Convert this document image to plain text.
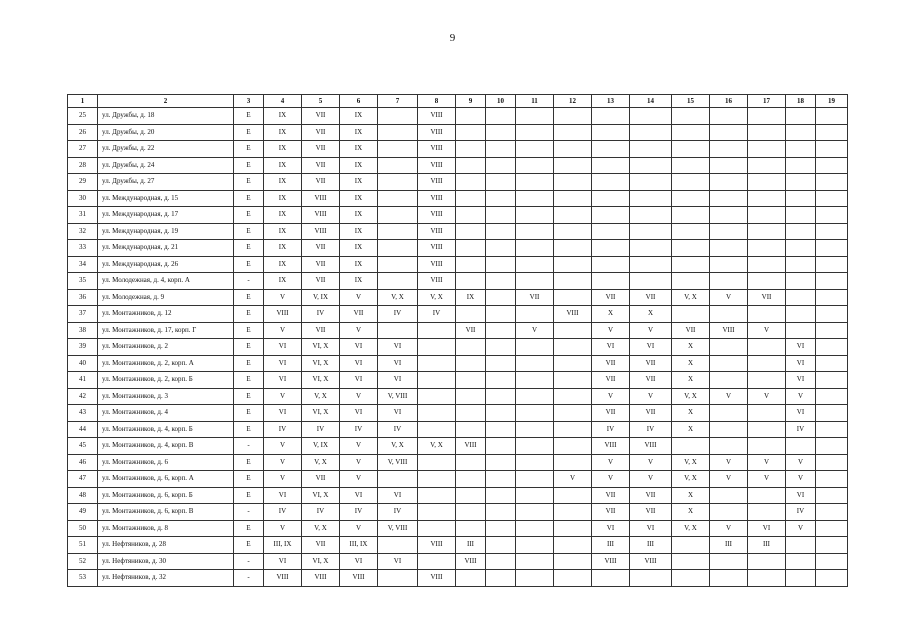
9
1	2	3	4	5	6	7	8	9	10	11	12	13	14	15	16	17	18	19
25	ул. Дружбы, д. 18	E	IX	VII	IX		VIII											
26	ул. Дружбы, д. 20	E	IX	VII	IX		VIII											
27	ул. Дружбы, д. 22	E	IX	VII	IX		VIII											
28	ул. Дружбы, д. 24	E	IX	VII	IX		VIII											
29	ул. Дружбы, д. 27	E	IX	VII	IX		VIII											
30	ул. Международная, д. 15	E	IX	VIII	IX		VIII											
31	ул. Международная, д. 17	E	IX	VIII	IX		VIII											
32	ул. Международная, д. 19	E	IX	VIII	IX		VIII											
33	ул. Международная, д. 21	E	IX	VII	IX		VIII											
34	ул. Международная, д. 26	E	IX	VII	IX		VIII											
35	ул. Молодежная, д. 4, корп. А	-	IX	VII	IX		VIII											
36	ул. Молодежная, д. 9	E	V	V, IX	V	V, X	V, X	IX		VII		VII	VII	V, X	V	VII		
37	ул. Монтажников, д. 12	E	VIII	IV	VII	IV	IV				VIII	X	X					
38	ул. Монтажников, д. 17, корп. Г	E	V	VII	V			VII		V		V	V	VII	VIII	V		
39	ул. Монтажников, д. 2	E	VI	VI, X	VI	VI						VI	VI	X			VI	
40	ул. Монтажников, д. 2, корп. А	E	VI	VI, X	VI	VI						VII	VII	X			VI	
41	ул. Монтажников, д. 2, корп. Б	E	VI	VI, X	VI	VI						VII	VII	X			VI	
42	ул. Монтажников, д. 3	E	V	V, X	V	V, VIII						V	V	V, X	V	V	V	
43	ул. Монтажников, д. 4	E	VI	VI, X	VI	VI						VII	VII	X			VI	
44	ул. Монтажников, д. 4, корп. Б	E	IV	IV	IV	IV						IV	IV	X			IV	
45	ул. Монтажников, д. 4, корп. В	-	V	V, IX	V	V, X	V, X	VIII				VIII	VIII					
46	ул. Монтажников, д. 6	E	V	V, X	V	V, VIII						V	V	V, X	V	V	V	
47	ул. Монтажников, д. 6, корп. А	E	V	VII	V						V	V	V	V, X	V	V	V	
48	ул. Монтажников, д. 6, корп. Б	E	VI	VI, X	VI	VI						VII	VII	X			VI	
49	ул. Монтажников, д. 6, корп. В	-	IV	IV	IV	IV						VII	VII	X			IV	
50	ул. Монтажников, д. 8	E	V	V, X	V	V, VIII						VI	VI	V, X	V	VI	V	
51	ул. Нефтяников, д. 28	E	III, IX	VII	III, IX		VIII	III				III	III		III	III		
52	ул. Нефтяников, д. 30	-	VI	VI, X	VI	VI		VIII				VIII	VIII					
53	ул. Нефтяников, д. 32	-	VIII	VIII	VIII		VIII											
